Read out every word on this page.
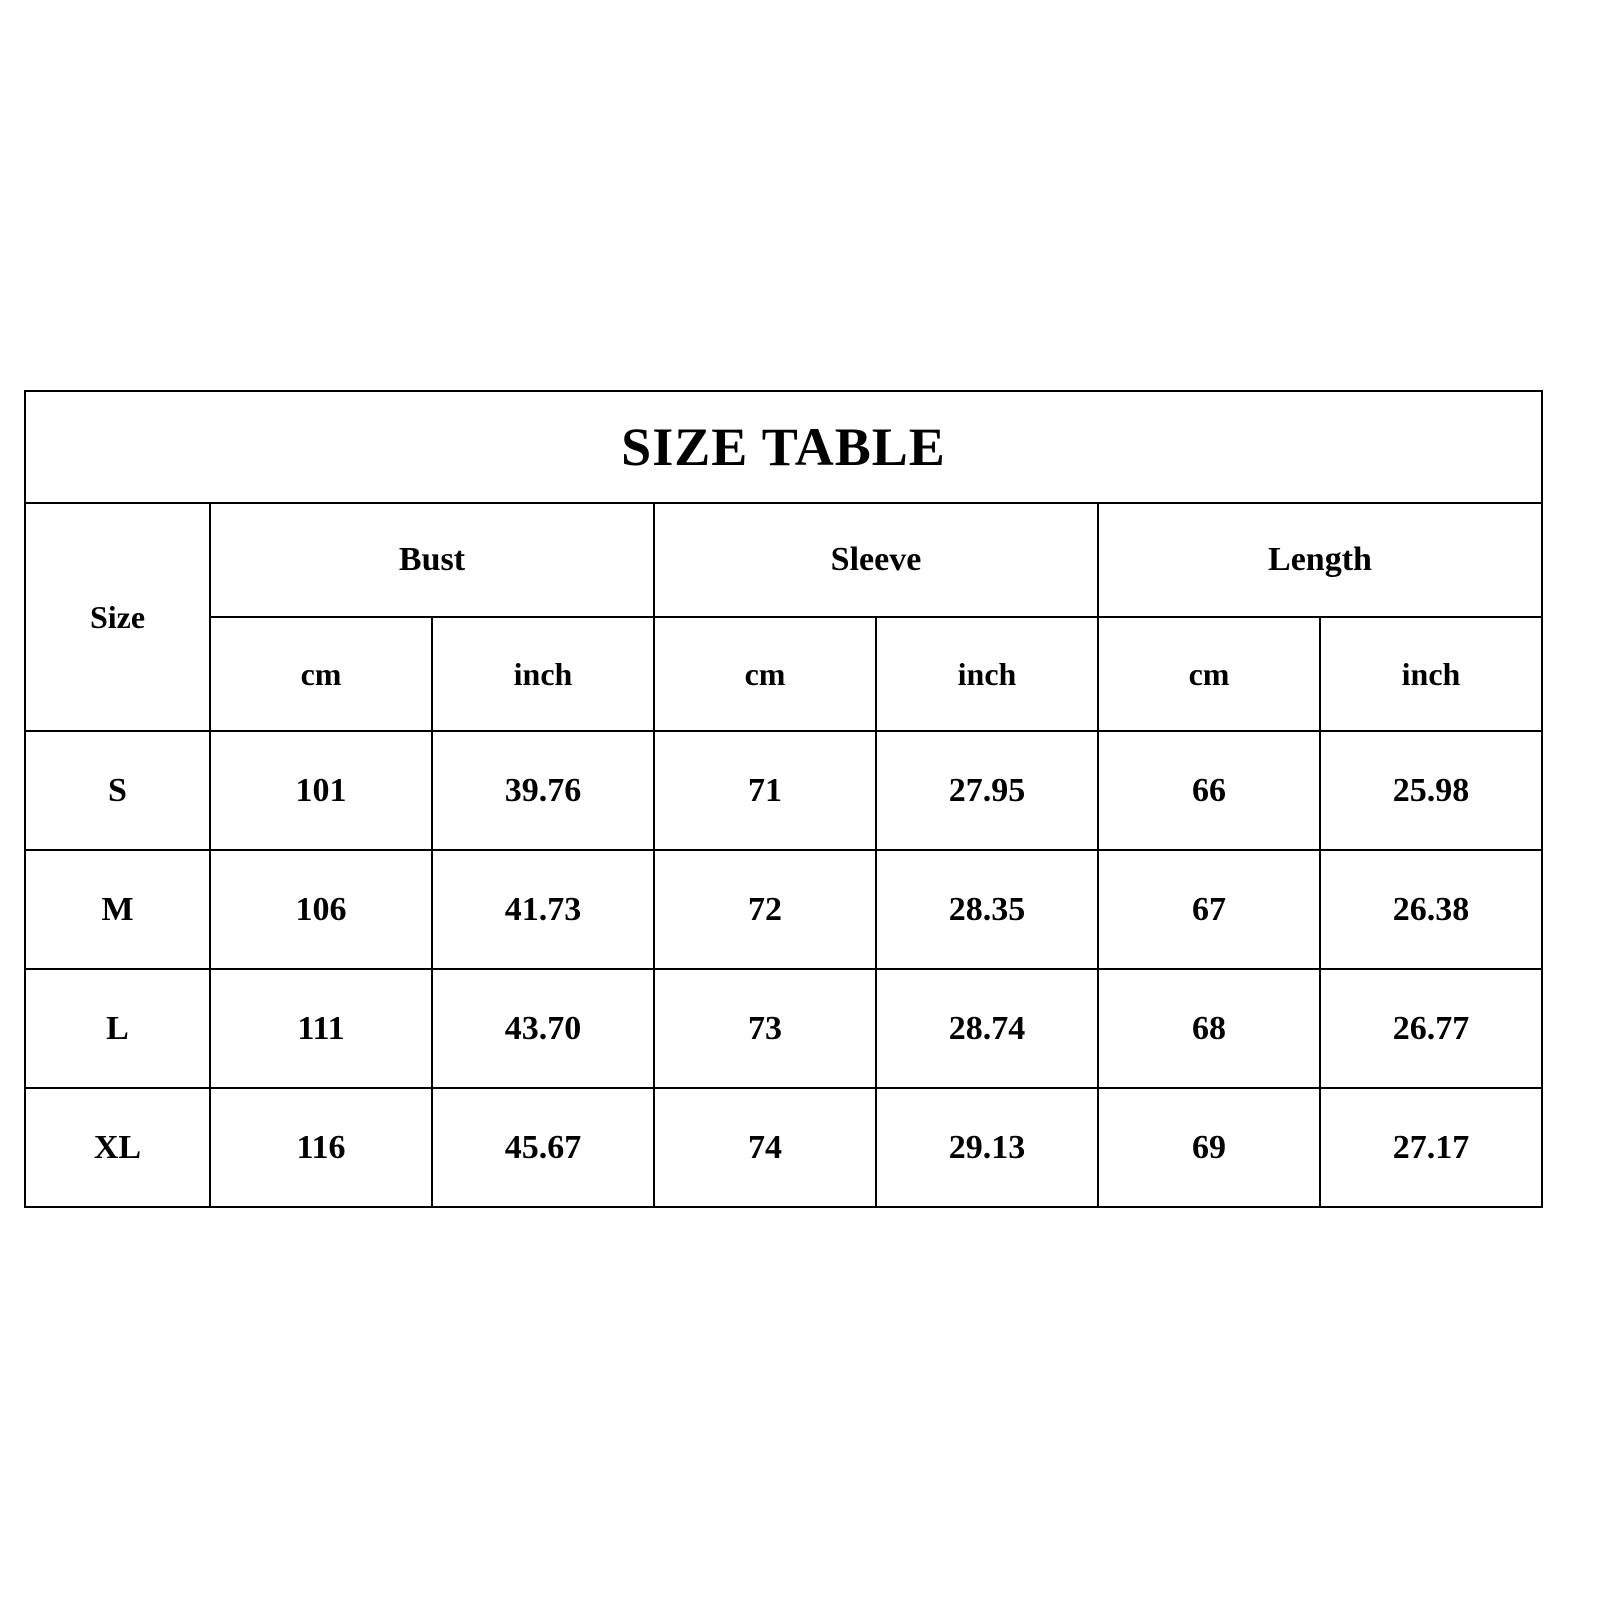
SIZE TABLE						
Size	Bust		Sleeve		Length	
	cm	inch	cm	inch	cm	inch
S	101	39.76	71	27.95	66	25.98
M	106	41.73	72	28.35	67	26.38
L	111	43.70	73	28.74	68	26.77
XL	116	45.67	74	29.13	69	27.17
